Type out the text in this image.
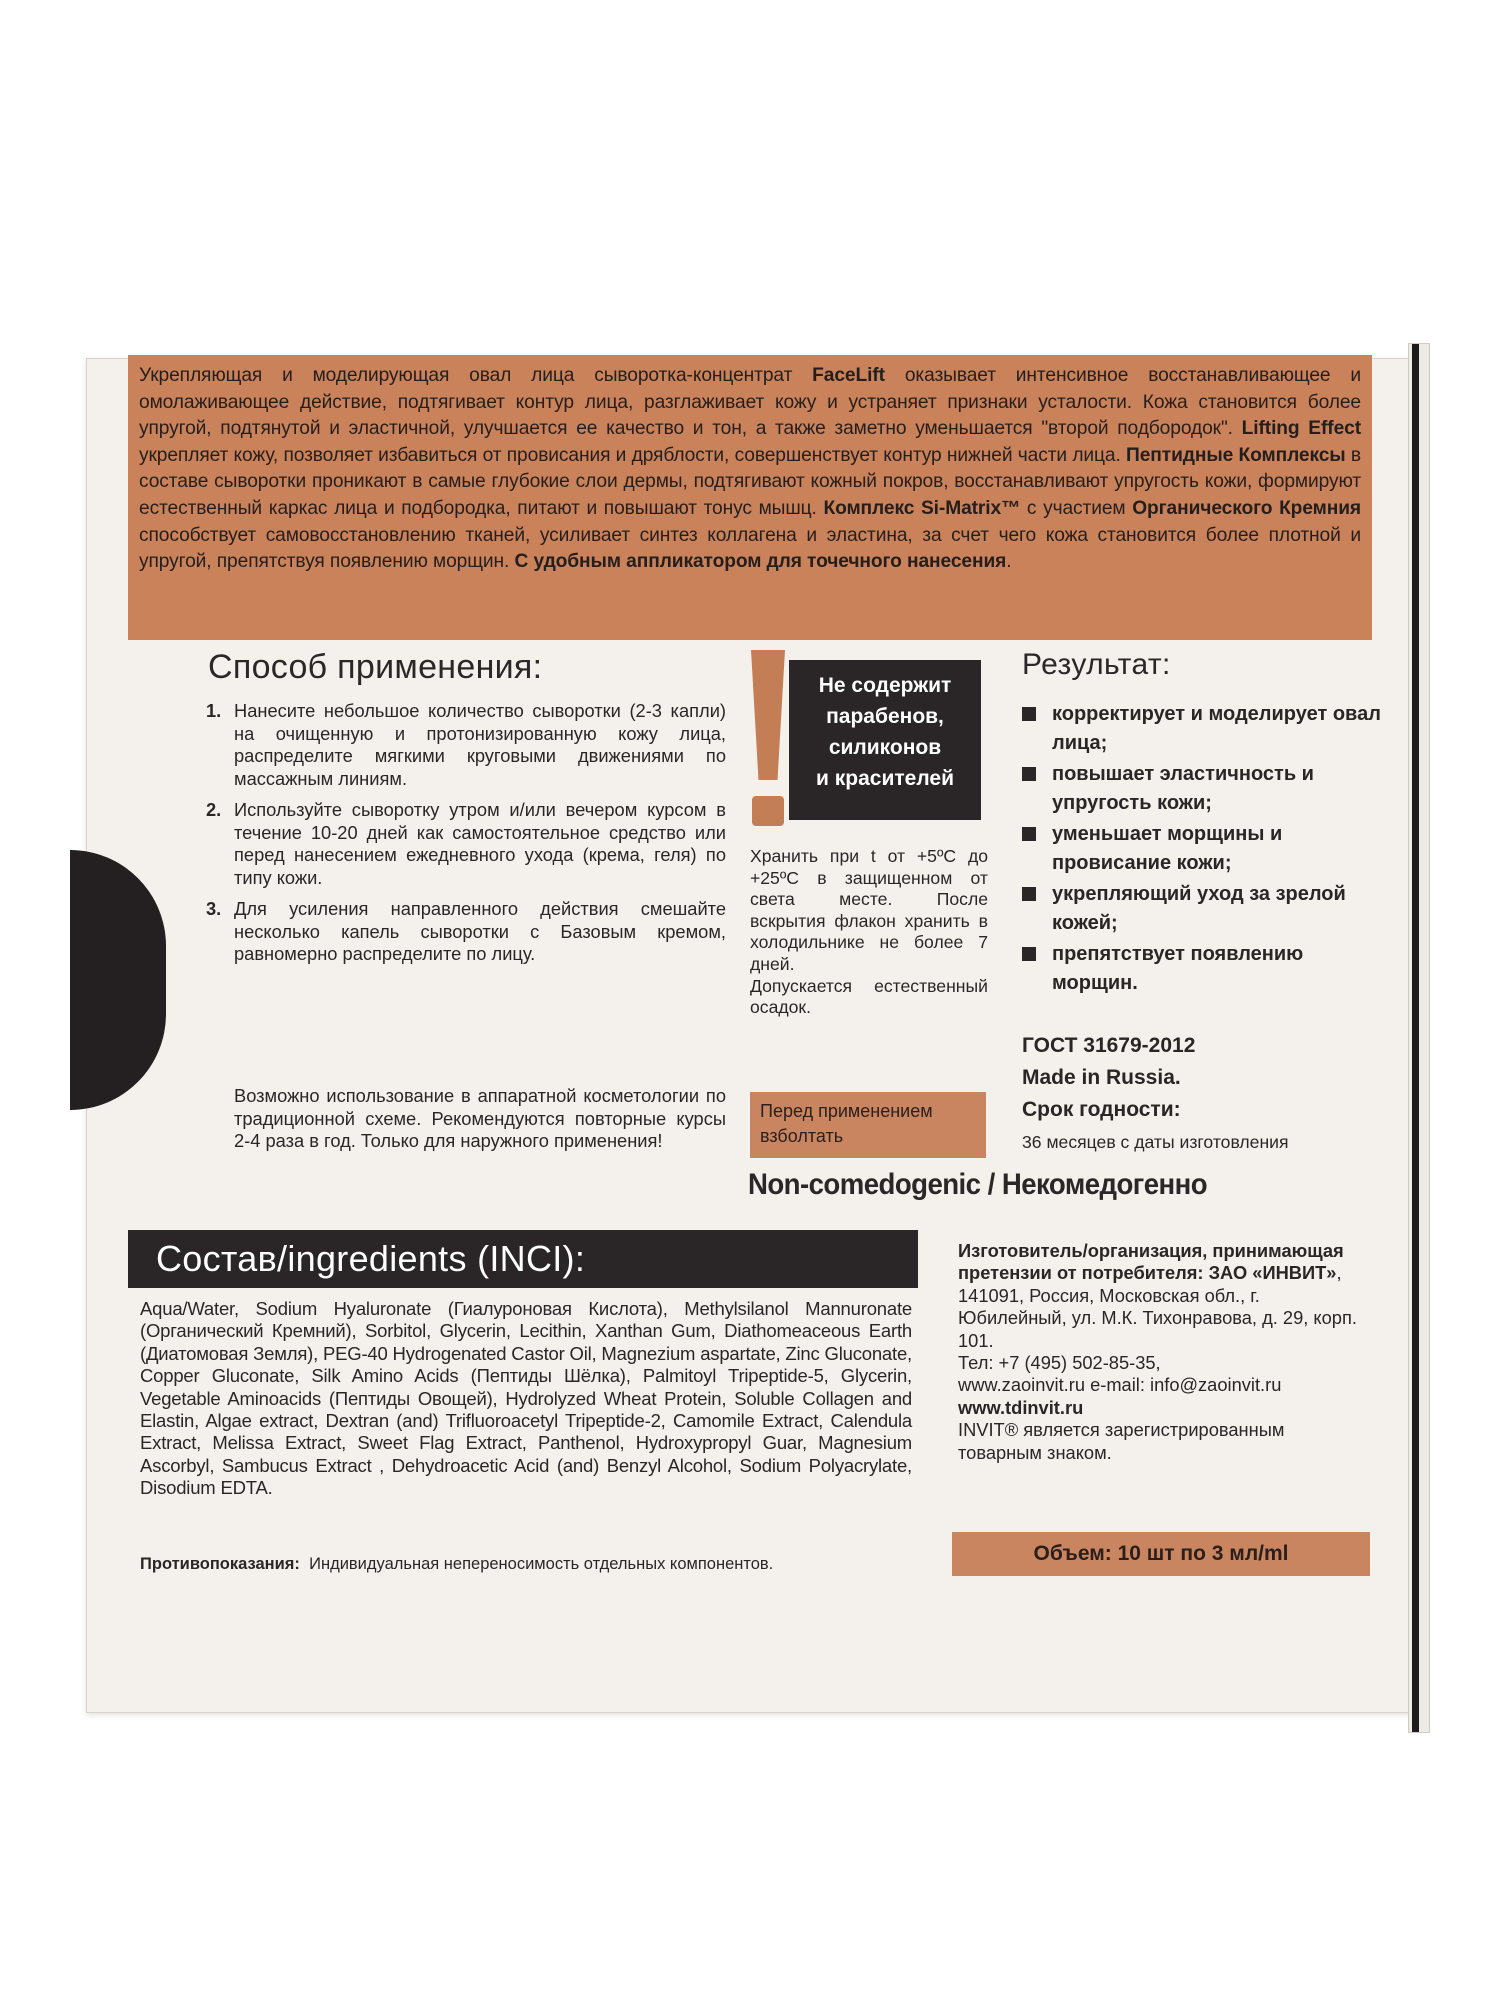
Укрепляющая и моделирующая овал лица сыворотка-концентрат FaceLift оказывает интенсивное восстанавливающее и омолаживающее действие, подтягивает контур лица, разглаживает кожу и устраняет признаки усталости. Кожа становится более упругой, подтянутой и эластичной, улучшается ее качество и тон, а также заметно уменьшается "второй подбородок". Lifting Effect укрепляет кожу, позволяет избавиться от провисания и дряблости, совершенствует контур нижней части лица. Пептидные Комплексы в составе сыворотки проникают в самые глубокие слои дермы, подтягивают кожный покров, восстанавливают упругость кожи, формируют естественный каркас лица и подбородка, питают и повышают тонус мышц. Комплекс Si-Matrix™ с участием Органического Кремния способствует самовосстановлению тканей, усиливает синтез коллагена и эластина, за счет чего кожа становится более плотной и упругой, препятствуя появлению морщин. С удобным аппликатором для точечного нанесения.
Способ применения:
1. Нанесите небольшое количество сыворотки (2-3 капли) на очищенную и протонизированную кожу лица, распределите мягкими круговыми движениями по массажным линиям.
2. Используйте сыворотку утром и/или вечером курсом в течение 10-20 дней как самостоятельное средство или перед нанесением ежедневного ухода (крема, геля) по типу кожи.
3. Для усиления направленного действия смешайте несколько капель сыворотки с Базовым кремом, равномерно распределите по лицу.
Возможно использование в аппаратной косметологии по традиционной схеме. Рекомендуются повторные курсы 2-4 раза в год. Только для наружного применения!
Не содержит
парабенов,
силиконов
и красителей
Хранить при t от +5ºC до +25ºC в защищенном от света месте. После вскрытия флакон хранить в холодильнике не более 7 дней.
Допускается естественный осадок.
Перед применением взболтать
Non-comedogenic / Некомедогенно
Результат:
корректирует и моделирует овал лица;
повышает эластичность и упругость кожи;
уменьшает морщины и провисание кожи;
укрепляющий уход за зрелой кожей;
препятствует появлению морщин.
ГОСТ 31679-2012
Made in Russia.
Срок годности:
36 месяцев с даты изготовления
Состав/ingredients (INCI):
Aqua/Water, Sodium Hyaluronate (Гиалуроновая Кислота), Methylsilanol Mannuronate (Органический Кремний), Sorbitol, Glycerin, Lecithin, Xanthan Gum, Diathomeaceous Earth (Диатомовая Земля), PEG-40 Hydrogenated Castor Oil, Magnezium aspartate, Zinc Gluconate, Copper Gluconate, Silk Amino Acids (Пептиды Шёлка), Palmitoyl Tripeptide-5, Glycerin, Vegetable Aminoacids (Пептиды Овощей), Hydrolyzed Wheat Protein, Soluble Collagen and Elastin, Algae extract, Dextran (and) Trifluoroacetyl Tripeptide-2, Camomile Extract, Calendula Extract, Melissa Extract, Sweet Flag Extract, Panthenol, Hydroxypropyl Guar, Magnesium Ascorbyl, Sambucus Extract , Dehydroacetic Acid (and) Benzyl Alcohol, Sodium Polyacrylate, Disodium EDTA.
Противопоказания: Индивидуальная непереносимость отдельных компонентов.
Изготовитель/организация, принимающая претензии от потребителя: ЗАО «ИНВИТ», 141091, Россия, Московская обл., г. Юбилейный, ул. М.К. Тихонравова, д. 29, корп. 101.
Тел: +7 (495) 502-85-35,
www.zaoinvit.ru e-mail: info@zaoinvit.ru
www.tdinvit.ru
INVIT® является зарегистрированным товарным знаком.
Объем: 10 шт по 3 мл/ml
